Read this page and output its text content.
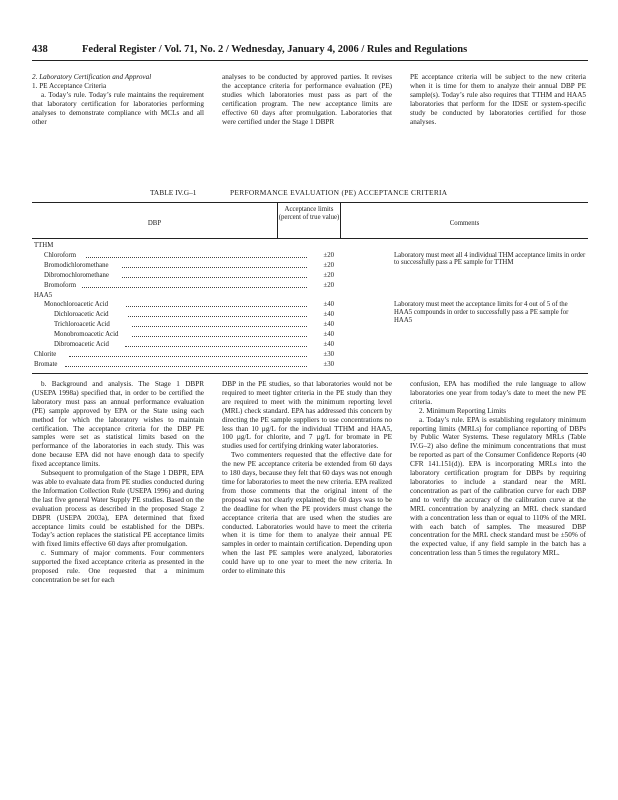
438	Federal Register / Vol. 71, No. 2 / Wednesday, January 4, 2006 / Rules and Regulations

2. Laboratory Certification and Approval

1. PE Acceptance Criteria

a. Today’s rule. Today’s rule maintains the requirement that laboratory certification for laboratories performing analyses to demonstrate compliance with MCLs and all other

analyses to be conducted by approved parties. It revises the acceptance criteria for performance evaluation (PE) studies which laboratories must pass as part of the certification program. The new acceptance limits are effective 60 days after promulgation. Laboratories that were certified under the Stage 1 DBPR

PE acceptance criteria will be subject to the new criteria when it is time for them to analyze their annual DBP PE sample(s). Today’s rule also requires that TTHM and HAA5 laboratories that perform for the IDSE or system-specific study be conducted by laboratories certified for those analyses.

TABLE IV.G–1	PERFORMANCE EVALUATION (PE) ACCEPTANCE CRITERIA
DBP
Acceptance limits (percent of true value)
Comments
TTHM
Chloroform	±20	Laboratory must meet all 4 individual THM acceptance limits in order to successfully pass a PE sample for TTHM
Bromodichloromethane	±20
Dibromochloromethane	±20
Bromoform	±20
HAA5
Monochloroacetic Acid	±40	Laboratory must meet the acceptance limits for 4 out of 5 of the HAA5 compounds in order to successfully pass a PE sample for HAA5
Dichloroacetic Acid	±40
Trichloroacetic Acid	±40
Monobromoacetic Acid	±40
Dibromoacetic Acid	±40
Chlorite	±30
Bromate	±30

b. Background and analysis. The Stage 1 DBPR (USEPA 1998a) specified that, in order to be certified the laboratory must pass an annual performance evaluation (PE) sample approved by EPA or the State using each method for which the laboratory wishes to maintain certification. The acceptance criteria for the DBP PE samples were set as statistical limits based on the performance of the laboratories in each study. This was done because EPA did not have enough data to specify fixed acceptance limits.

Subsequent to promulgation of the Stage 1 DBPR, EPA was able to evaluate data from PE studies conducted during the Information Collection Rule (USEPA 1996) and during the last five general Water Supply PE studies. Based on the evaluation process as described in the proposed Stage 2 DBPR (USEPA 2003a), EPA determined that fixed acceptance limits could be established for the DBPs. Today’s action replaces the statistical PE acceptance limits with fixed limits effective 60 days after promulgation.

c. Summary of major comments. Four commenters supported the fixed acceptance criteria as presented in the proposed rule. One requested that a minimum concentration be set for each

DBP in the PE studies, so that laboratories would not be required to meet tighter criteria in the PE study than they are required to meet with the minimum reporting level (MRL) check standard. EPA has addressed this concern by directing the PE sample suppliers to use concentrations no less than 10 µg/L for the individual TTHM and HAA5, 100 µg/L for chlorite, and 7 µg/L for bromate in PE studies used for certifying drinking water laboratories.

Two commenters requested that the effective date for the new PE acceptance criteria be extended from 60 days to 180 days, because they felt that 60 days was not enough time for laboratories to meet the new criteria. EPA realized from those comments that the original intent of the proposal was not clearly explained; the 60 days was to be the deadline for when the PE providers must change the acceptance criteria that are used when the studies are conducted. Laboratories would have to meet the criteria when it is time for them to analyze their annual PE samples in order to maintain certification. Depending upon when the last PE samples were analyzed, laboratories could have up to one year to meet the new criteria. In order to eliminate this

confusion, EPA has modified the rule language to allow laboratories one year from today’s date to meet the new PE criteria.

2. Minimum Reporting Limits

a. Today’s rule. EPA is establishing regulatory minimum reporting limits (MRLs) for compliance reporting of DBPs by Public Water Systems. These regulatory MRLs (Table IV.G–2) also define the minimum concentrations that must be reported as part of the Consumer Confidence Reports (40 CFR 141.151(d)). EPA is incorporating MRLs into the laboratory certification program for DBPs by requiring laboratories to include a standard near the MRL concentration as part of the calibration curve for each DBP and to verify the accuracy of the calibration curve at the MRL concentration by analyzing an MRL check standard with a concentration less than or equal to 110% of the MRL with each batch of samples. The measured DBP concentration for the MRL check standard must be ±50% of the expected value, if any field sample in the batch has a concentration less than 5 times the regulatory MRL.
